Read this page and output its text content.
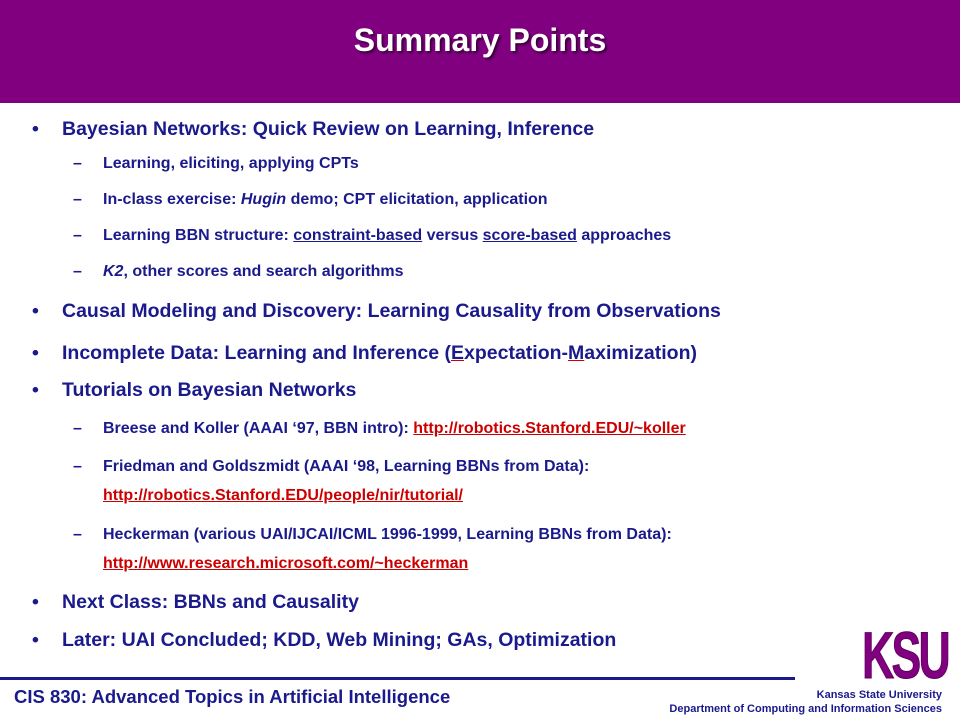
Summary Points
• Bayesian Networks: Quick Review on Learning, Inference
– Learning, eliciting, applying CPTs
– In-class exercise: Hugin demo; CPT elicitation, application
– Learning BBN structure: constraint-based versus score-based approaches
– K2, other scores and search algorithms
• Causal Modeling and Discovery: Learning Causality from Observations
• Incomplete Data: Learning and Inference (Expectation-Maximization)
• Tutorials on Bayesian Networks
– Breese and Koller (AAAI ‘97, BBN intro): http://robotics.Stanford.EDU/~koller
– Friedman and Goldszmidt (AAAI ‘98, Learning BBNs from Data):
http://robotics.Stanford.EDU/people/nir/tutorial/
– Heckerman (various UAI/IJCAI/ICML 1996-1999, Learning BBNs from Data):
http://www.research.microsoft.com/~heckerman
• Next Class: BBNs and Causality
• Later: UAI Concluded; KDD, Web Mining; GAs, Optimization	KSU
CIS 830: Advanced Topics in Artificial Intelligence	Kansas State University
Department of Computing and Information Sciences
